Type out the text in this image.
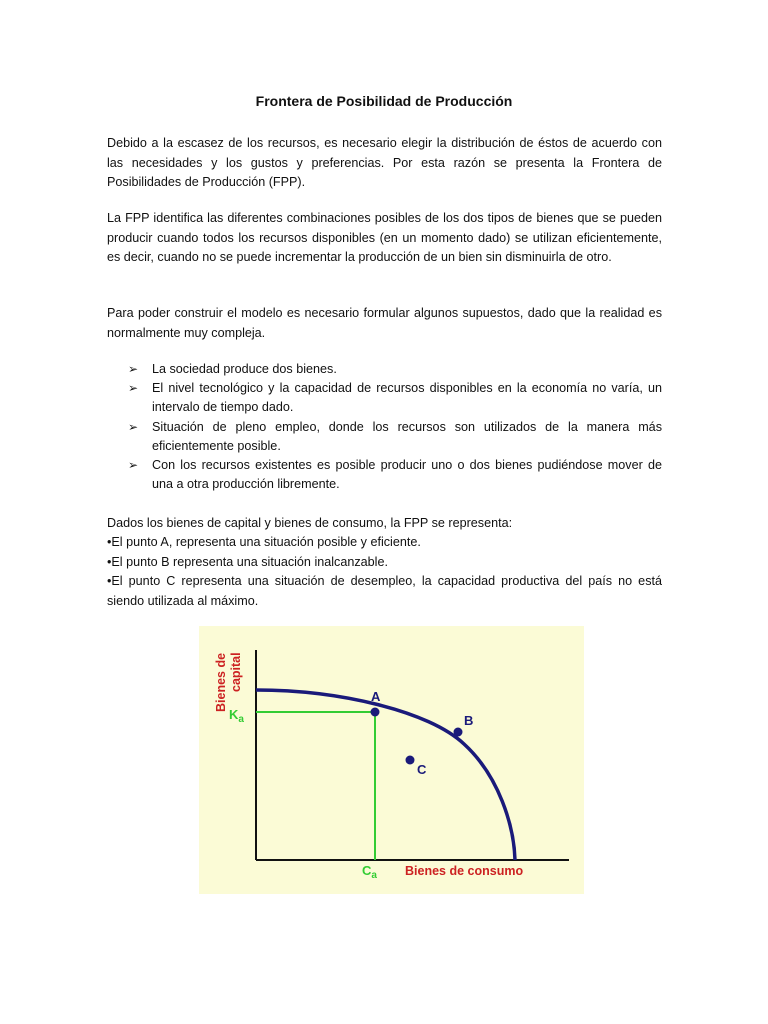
Frontera de Posibilidad de Producción

Debido a la escasez de los recursos, es necesario elegir la distribución de éstos de acuerdo con las necesidades y los gustos y preferencias. Por esta razón se presenta la Frontera de Posibilidades de Producción (FPP).

La FPP identifica las diferentes combinaciones posibles de los dos tipos de bienes que se pueden producir cuando todos los recursos disponibles (en un momento dado) se utilizan eficientemente, es decir, cuando no se puede incrementar la producción de un bien sin disminuirla de otro.

Para poder construir el modelo es necesario formular algunos supuestos, dado que la realidad es normalmente muy compleja.

➢ La sociedad produce dos bienes.
➢ El nivel tecnológico y la capacidad de recursos disponibles en la economía no varía, un intervalo de tiempo dado.
➢ Situación de pleno empleo, donde los recursos son utilizados de la manera más eficientemente posible.
➢ Con los recursos existentes es posible producir uno o dos bienes pudiéndose mover de una a otra producción libremente.
Dados los bienes de capital y bienes de consumo, la FPP se representa:
•El punto A, representa una situación posible y eficiente.
•El punto B representa una situación inalcanzable.
•El punto C representa una situación de desempleo, la capacidad productiva del país no está siendo utilizada al máximo.
A
B
C
Ka
Ca Bienes de consumo
Bienes de capital
